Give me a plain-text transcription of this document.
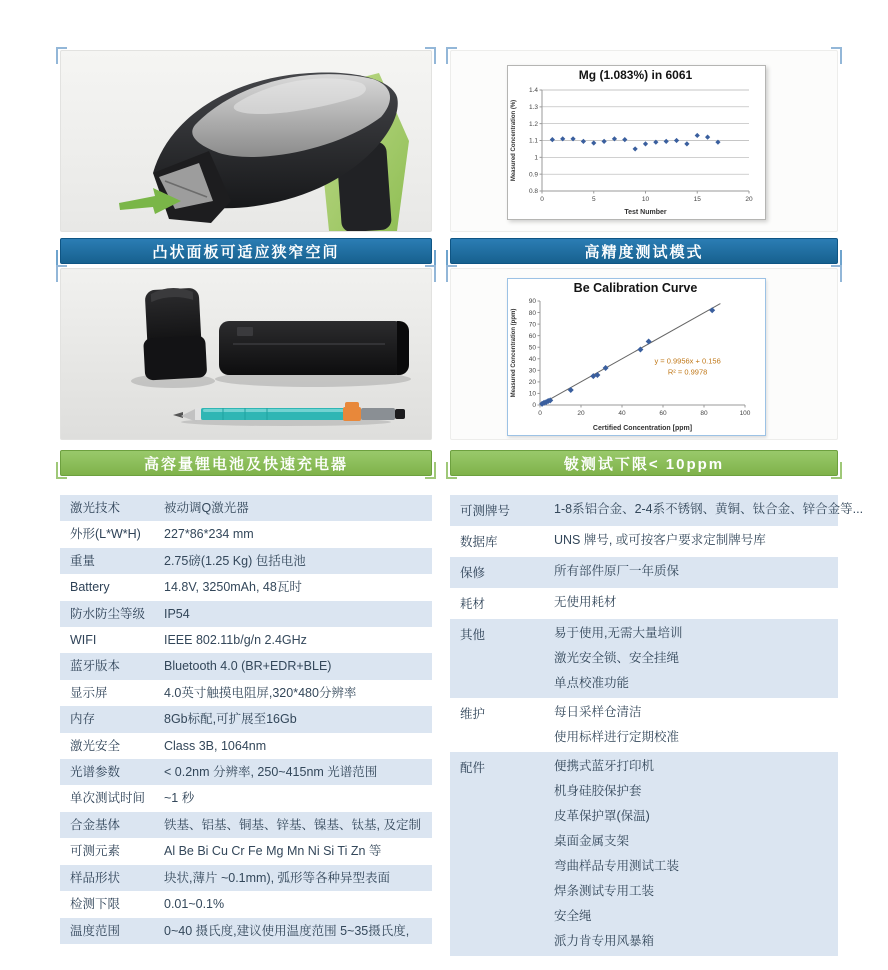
凸状面板可适应狭窄空间
高容量锂电池及快速充电器
激光技术	被动调Q激光器
外形(L*W*H)	227*86*234 mm
重量	2.75磅(1.25 Kg) 包括电池
Battery	14.8V, 3250mAh, 48瓦时
防水防尘等级	IP54
WIFI	IEEE 802.11b/g/n 2.4GHz
蓝牙版本	Bluetooth 4.0 (BR+EDR+BLE)
显示屏	4.0英寸触摸电阻屏,320*480分辨率
内存	8Gb标配,可扩展至16Gb
激光安全	Class 3B, 1064nm
光谱参数	< 0.2nm 分辨率, 250~415nm 光谱范围
单次测试时间	~1 秒
合金基体	铁基、铝基、铜基、锌基、镍基、钛基, 及定制
可测元素	Al Be Bi Cu Cr Fe Mg Mn Ni Si Ti Zn 等
样品形状	块状,薄片 ~0.1mm), 弧形等各种异型表面
检测下限	0.01~0.1%
温度范围	0~40 摄氏度,建议使用温度范围 5~35摄氏度,
Mg (1.083%) in 6061
0.8
0.9
1
1.1
1.2
1.3
1.4
0	5	10	15	20
Test Number
Measured Concentration (%)
高精度测试模式
Be Calibration Curve
0
10
20
30
40
50
60
70
80
90
0	20	40	60	80	100
y = 0.9956x + 0.156
R² = 0.9978
Certified Concentration [ppm]
Measured Concentration (ppm)
铍测试下限< 10ppm
可测牌号	1-8系铝合金、2-4系不锈钢、黄铜、钛合金、锌合金等...
数据库	UNS 牌号, 或可按客户要求定制牌号库
保修	所有部件原厂一年质保
耗材	无使用耗材
其他	易于使用,无需大量培训
激光安全锁、安全挂绳
单点校准功能
维护	每日采样仓清洁
使用标样进行定期校准
配件	便携式蓝牙打印机
机身硅胶保护套
皮革保护罩(保温)
桌面金属支架
弯曲样品专用测试工装
焊条测试专用工装
安全绳
派力肯专用风暴箱
